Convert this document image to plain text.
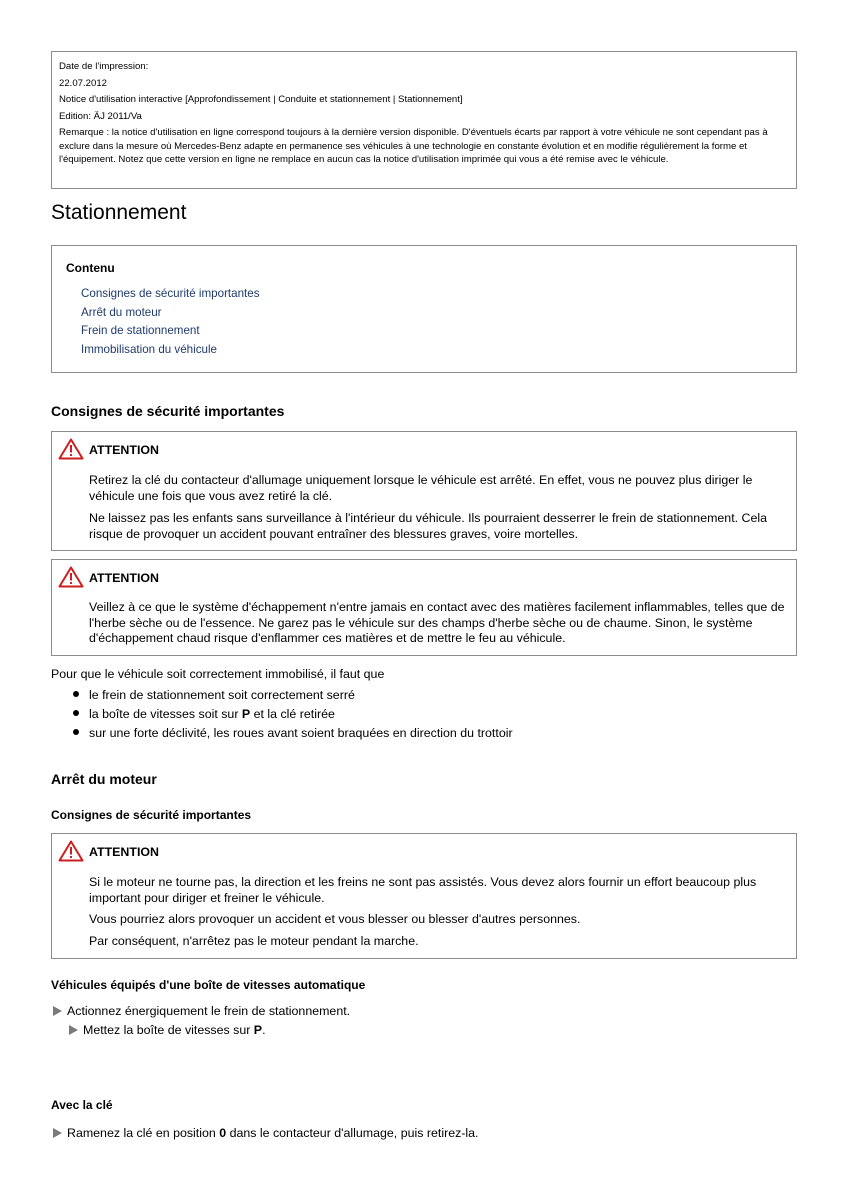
Date de l'impression:
22.07.2012
Notice d'utilisation interactive [Approfondissement | Conduite et stationnement | Stationnement]
Edition: ÄJ 2011/Va
Remarque : la notice d'utilisation en ligne correspond toujours à la dernière version disponible. D'éventuels écarts par rapport à votre véhicule ne sont cependant pas à exclure dans la mesure où Mercedes-Benz adapte en permanence ses véhicules à une technologie en constante évolution et en modifie régulièrement la forme et l'équipement. Notez que cette version en ligne ne remplace en aucun cas la notice d'utilisation imprimée qui vous a été remise avec le véhicule.
Stationnement
Contenu
Consignes de sécurité importantes
Arrêt du moteur
Frein de stationnement
Immobilisation du véhicule
Consignes de sécurité importantes
ATTENTION
Retirez la clé du contacteur d'allumage uniquement lorsque le véhicule est arrêté. En effet, vous ne pouvez plus diriger le véhicule une fois que vous avez retiré la clé.
Ne laissez pas les enfants sans surveillance à l'intérieur du véhicule. Ils pourraient desserrer le frein de stationnement. Cela risque de provoquer un accident pouvant entraîner des blessures graves, voire mortelles.
ATTENTION
Veillez à ce que le système d'échappement n'entre jamais en contact avec des matières facilement inflammables, telles que de l'herbe sèche ou de l'essence. Ne garez pas le véhicule sur des champs d'herbe sèche ou de chaume. Sinon, le système d'échappement chaud risque d'enflammer ces matières et de mettre le feu au véhicule.
Pour que le véhicule soit correctement immobilisé, il faut que
le frein de stationnement soit correctement serré
la boîte de vitesses soit sur P et la clé retirée
sur une forte déclivité, les roues avant soient braquées en direction du trottoir
Arrêt du moteur
Consignes de sécurité importantes
ATTENTION
Si le moteur ne tourne pas, la direction et les freins ne sont pas assistés. Vous devez alors fournir un effort beaucoup plus important pour diriger et freiner le véhicule.
Vous pourriez alors provoquer un accident et vous blesser ou blesser d'autres personnes.
Par conséquent, n'arrêtez pas le moteur pendant la marche.
Véhicules équipés d'une boîte de vitesses automatique
Actionnez énergiquement le frein de stationnement.
Mettez la boîte de vitesses sur P.
Avec la clé
Ramenez la clé en position 0 dans le contacteur d'allumage, puis retirez-la.
